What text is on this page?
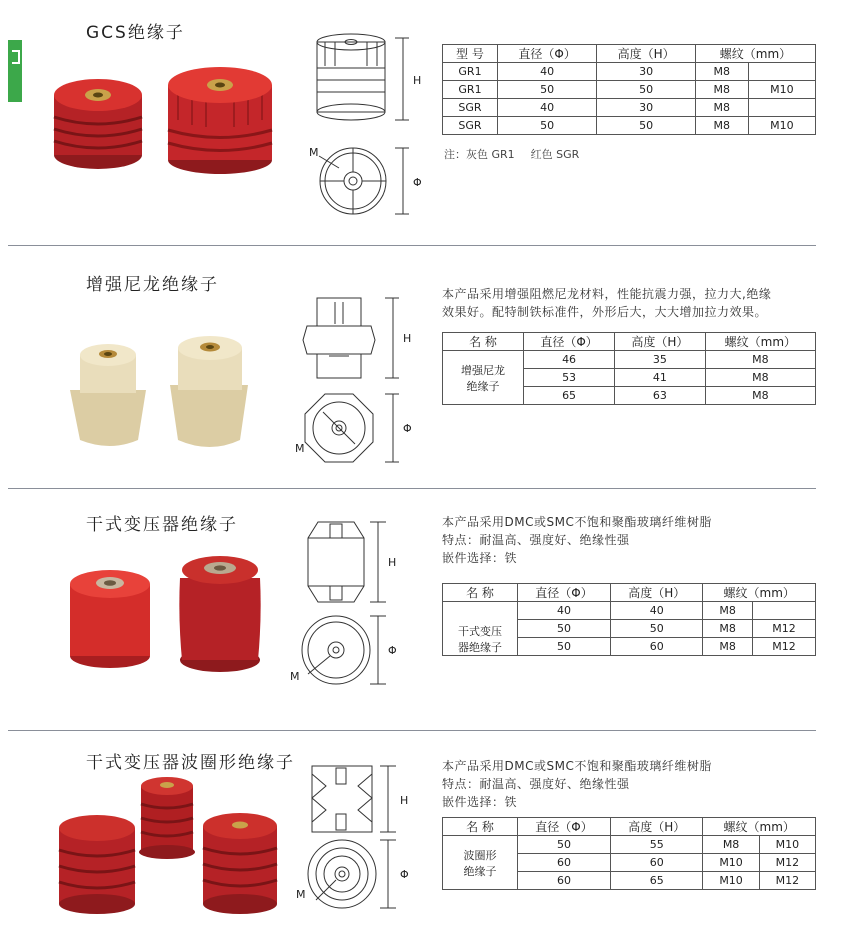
GCS绝缘子
H
M
Φ
型 号	直径（Φ）	高度（H）	螺纹（mm）	
GR1	40	30	M8	
GR1	50	50	M8	M10
SGR	40	30	M8	
SGR	50	50	M8	M10
注：灰色 GR1 红色 SGR
增强尼龙绝缘子
H
M
Φ
本产品采用增强阻燃尼龙材料，性能抗震力强，拉力大,绝缘
效果好。配特制铁标准件，外形后大，大大增加拉力效果。
名 称	直径（Φ）	高度（H）	螺纹（mm）

增强尼龙
绝缘子	46	35	M8
	53	41	M8
	65	63	M8
干式变压器绝缘子
H
M
Φ
本产品采用DMC或SMC不饱和聚酯玻璃纤维树脂
特点：耐温高、强度好、绝缘性强
嵌件选择：铁
名 称	直径（Φ）	高度（H）	螺纹（mm）	

干式变压
器绝缘子	40	40	M8	
	50	50	M8	M12
	50	60	M8	M12
干式变压器波圈形绝缘子
H
M
Φ
本产品采用DMC或SMC不饱和聚酯玻璃纤维树脂
特点：耐温高、强度好、绝缘性强
嵌件选择：铁
名 称	直径（Φ）	高度（H）	螺纹（mm）	

波圈形
绝缘子	50	55	M8	M10
	60	60	M10	M12
	60	65	M10	M12
